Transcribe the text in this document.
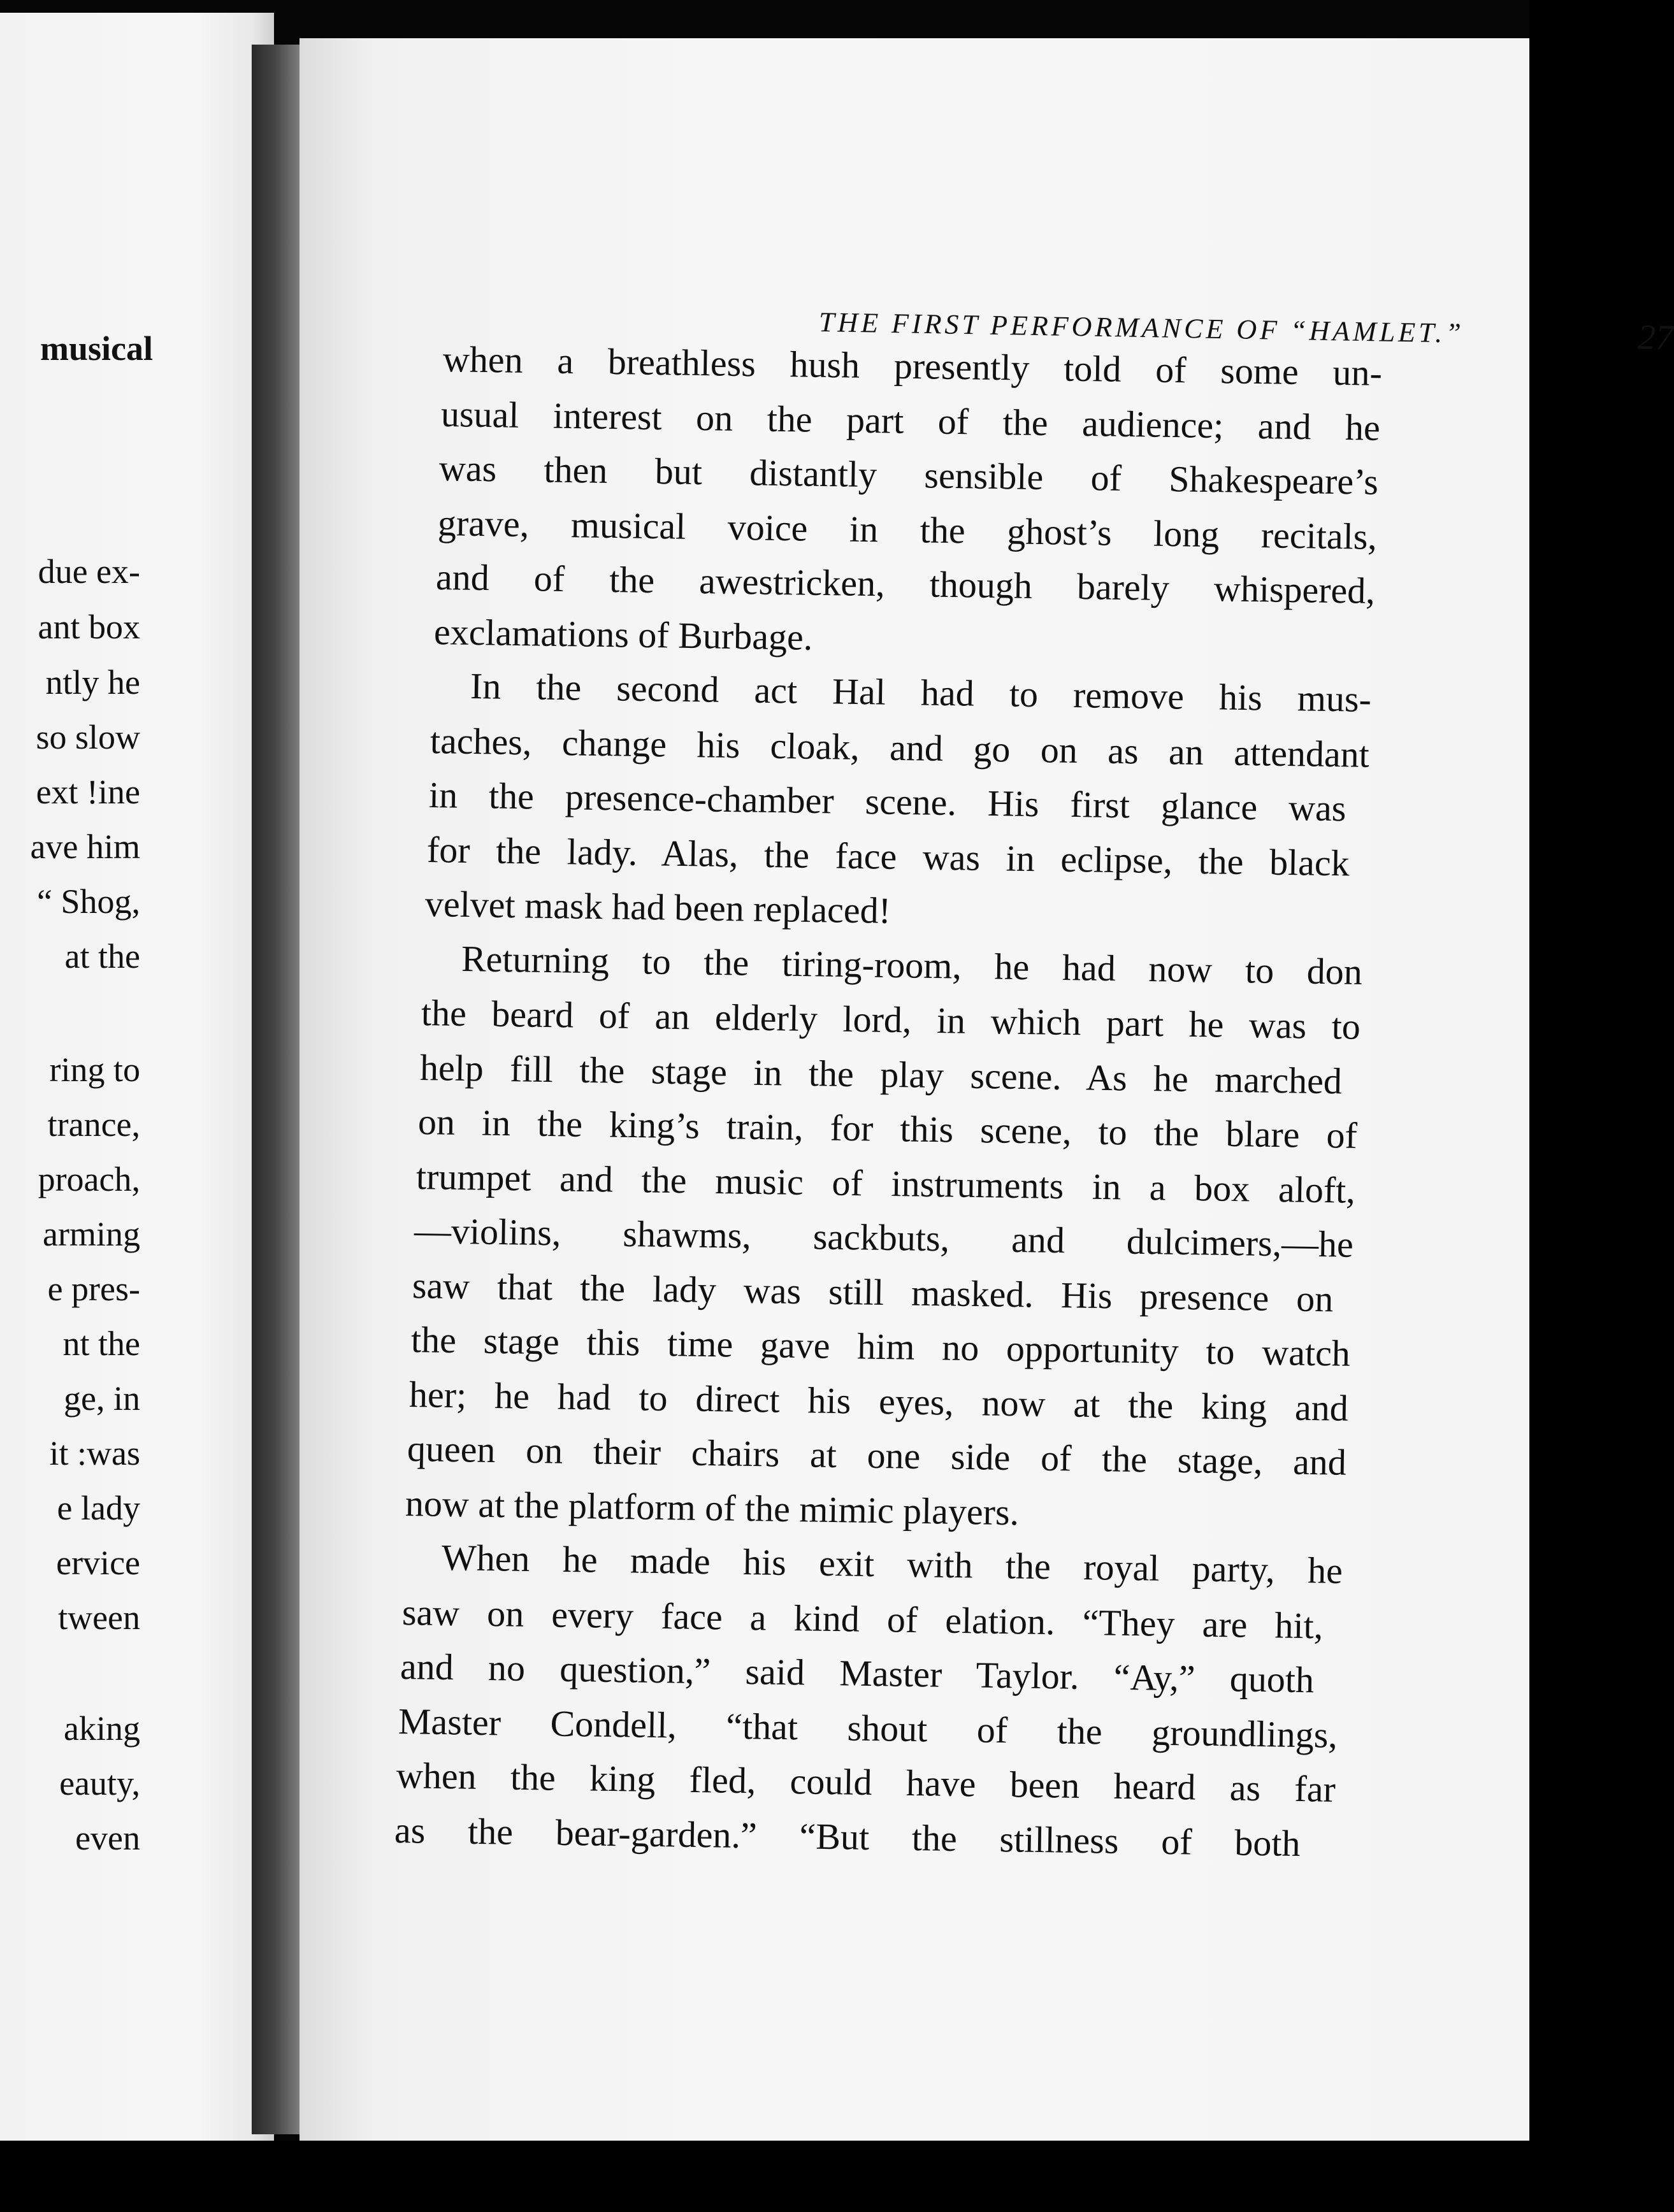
musical
due ex-
ant box
ntly he
so slow
ext !ine
ave him
“ Shog,
at the
ring to
trance,
proach,
arming
e pres-
nt the
ge, in
it :was
e lady
ervice
tween
aking
eauty,
even
THE FIRST PERFORMANCE OF “HAMLET.”	27
when a breathless hush presently told of some un-
usual interest on the part of the audience; and he
was then but distantly sensible of Shakespeare’s
grave, musical voice in the ghost’s long recitals,
and of the awestricken, though barely whispered,
exclamations of Burbage.
In the second act Hal had to remove his mus-
taches, change his cloak, and go on as an attendant
in the presence-chamber scene. His first glance was
for the lady. Alas, the face was in eclipse, the black
velvet mask had been replaced!
Returning to the tiring-room, he had now to don
the beard of an elderly lord, in which part he was to
help fill the stage in the play scene. As he marched
on in the king’s train, for this scene, to the blare of
trumpet and the music of instruments in a box aloft,
—violins, shawms, sackbuts, and dulcimers,—he
saw that the lady was still masked. His presence on
the stage this time gave him no opportunity to watch
her; he had to direct his eyes, now at the king and
queen on their chairs at one side of the stage, and
now at the platform of the mimic players.
When he made his exit with the royal party, he
saw on every face a kind of elation. “They are hit,
and no question,” said Master Taylor. “Ay,” quoth
Master Condell, “that shout of the groundlings,
when the king fled, could have been heard as far
as the bear-garden.” “But the stillness of both
